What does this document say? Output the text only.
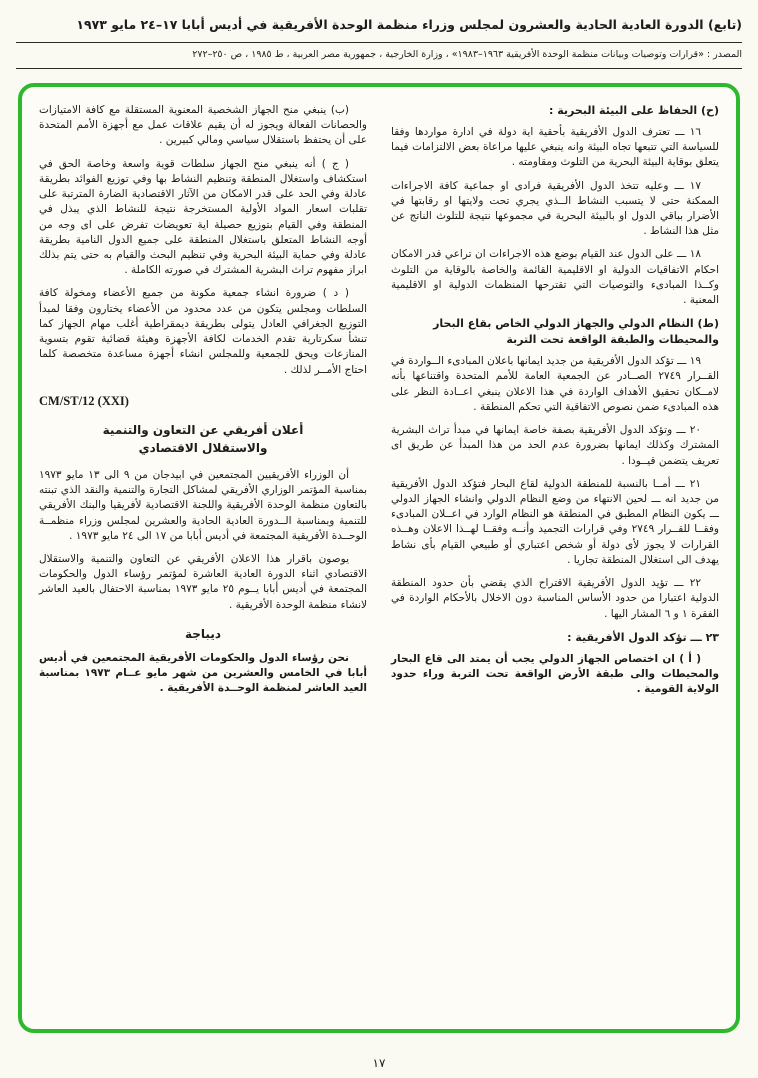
(تابع) الدورة العادية الحادية والعشرون لمجلس وزراء منظمة الوحدة الأفريقية في أديس أبابا ١٧–٢٤ مايو ١٩٧٣
المصدر : «قرارات وتوصيات وبيانات منظمة الوحدة الأفريقية ١٩٦٣–١٩٨٣» ، وزارة الخارجية ، جمهورية مصر العربية ، ط ١٩٨٥ ، ص ٢٥٠–٢٧٢
(ح) الحفاظ على البيئة البحرية :

١٦ ـــ تعترف الدول الأفريقية بأحقية اية دولة في ادارة مواردها وفقا للسياسة التي تتبعها تجاه البيئة وانه ينبغي عليها مراعاة بعض الالتزامات فيما يتعلق بوقاية البيئة البحرية من التلوث ومقاومته .

١٧ ـــ وعليه تتخذ الدول الأفريقية فرادى او جماعية كافة الاجراءات الممكنة حتى لا يتسبب النشاط الــذي يجري تحت ولايتها او رقابتها في الأضرار بباقي الدول او بالبيئة البحرية في مجموعها نتيجة للتلوث الناتج عن مثل هذا النشاط .

١٨ ـــ على الدول عند القيام بوضع هذه الاجراءات ان تراعي قدر الامكان احكام الاتفاقيات الدولية او الاقليمية القائمة والخاصة بالوقاية من التلوث وكــذا المبادىء والتوصيات التي تقترحها المنظمات الدولية او الاقليمية المعنية .

(ط) النظام الدولي والجهاز الدولي الخاص بقاع البحار والمحيطات والطبقة الواقعة تحت التربة

١٩ ـــ تؤكد الدول الأفريقية من جديد ايمانها باعلان المبادىء الــواردة في القــرار ٢٧٤٩ الصــادر عن الجمعية العامة للأمم المتحدة واقتناعها بأنه لامــكان تحقيق الأهداف الواردة في هذا الاعلان ينبغي اعــادة النظر على هذه المبادىء ضمن نصوص الاتفاقية التي تحكم المنطقة .

٢٠ ـــ وتؤكد الدول الأفريقية بصفة خاصة ايمانها في مبدأ تراث البشرية المشترك وكذلك ايمانها بضرورة عدم الحد من هذا المبدأ عن طريق اى تعريف يتضمن قيــودا .

٢١ ـــ أمــا بالنسبة للمنطقة الدولية لقاع البحار فتؤكد الدول الأفريقية من جديد انه ـــ لحين الانتهاء من وضع النظام الدولي وانشاء الجهاز الدولي ـــ يكون النظام المطبق في المنطقة هو النظام الوارد في اعــلان المبادىء وفقــا للقــرار ٢٧٤٩ وفي قرارات التجميد وأنــه وفقــا لهــذا الاعلان وهــذه القرارات لا يجوز لأى دولة أو شخص اعتباري أو طبيعي القيام بأى نشاط يهدف الى استغلال المنطقة تجاريا .

٢٢ ـــ تؤيد الدول الأفريقية الاقتراح الذي يقضي بأن حدود المنطقة الدولية اعتبارا من حدود الأساس المناسبة دون الاخلال بالأحكام الواردة في الفقرة ١ و ٦ المشار اليها .

٢٣ ـــ تؤكد الدول الأفريقية :

( أ ) ان اختصاص الجهاز الدولي يجب أن يمتد الى قاع البحار والمحيطات والى طبقة الأرض الواقعة تحت التربة وراء حدود الولاية القومية .

(ب) ينبغي منح الجهاز الشخصية المعنوية المستقلة مع كافة الامتيازات والحصانات الفعالة ويجوز له أن يقيم علاقات عمل مع أجهزة الأمم المتحدة على أن يحتفظ باستقلال سياسي ومالي كبيرين .

( ج ) أنه ينبغي منح الجهاز سلطات قوية واسعة وخاصة الحق في استكشاف واستغلال المنطقة وتنظيم النشاط بها وفي توزيع الفوائد بطريقة عادلة وفي الحد على قدر الامكان من الآثار الاقتصادية الضارة المترتبة على تقلبات اسعار المواد الأولية المستخرجة نتيجة للنشاط الذي يبذل في المنطقة وفي القيام بتوزيع حصيلة اية تعويضات تفرض على اى وجه من أوجه النشاط المتعلق باستغلال المنطقة على جميع الدول النامية بطريقة عادلة وفي حماية البيئة البحرية وفي تنظيم البحث والقيام به حتى يتم بذلك ابراز مفهوم تراث البشرية المشترك في صورته الكاملة .

( د ) ضرورة انشاء جمعية مكونة من جميع الأعضاء ومخولة كافة السلطات ومجلس يتكون من عدد محدود من الأعضاء يختارون وفقا لمبدأ التوزيع الجغرافي العادل يتولى بطريقة ديمقراطية أغلب مهام الجهاز كما تنشأ سكرتارية تقدم الخدمات لكافة الأجهزة وهيئة قضائية تقوم بتسوية المنازعات ويحق للجمعية وللمجلس انشاء أجهزة مساعدة متخصصة كلما احتاج الأمــر لذلك .

CM/ST/12 (XXI)
أعلان أفريقي عن التعاون والتنمية والاستقلال الاقتصادي

أن الوزراء الأفريقيين المجتمعين في ابيدجان من ٩ الى ١٣ مايو ١٩٧٣ بمناسبة المؤتمر الوزاري الأفريقي لمشاكل التجارة والتنمية والنقد الذي تبنته بالتعاون منظمة الوحدة الأفريقية واللجنة الاقتصادية لأفريقيا والبنك الأفريقي للتنمية وبمناسبة الــدورة العادية الحادية والعشرين لمجلس وزراء منظمــة الوحــدة الأفريقية المجتمعة في أديس أبابا من ١٧ الى ٢٤ مايو ١٩٧٣ .

يوصون باقرار هذا الاعلان الأفريقي عن التعاون والتنمية والاستقلال الاقتصادي اثناء الدورة العادية العاشرة لمؤتمر رؤساء الدول والحكومات المجتمعة في أديس أبابا يــوم ٢٥ مايو ١٩٧٣ بمناسبة الاحتفال بالعيد العاشر لانشاء منظمة الوحدة الأفريقية .

ديباجة

نحن رؤساء الدول والحكومات الأفريقية المجتمعين في أديس أبابا في الخامس والعشرين من شهر مايو عــام ١٩٧٣ بمناسبة العيد العاشر لمنظمة الوحــدة الأفريقية .

١٧
